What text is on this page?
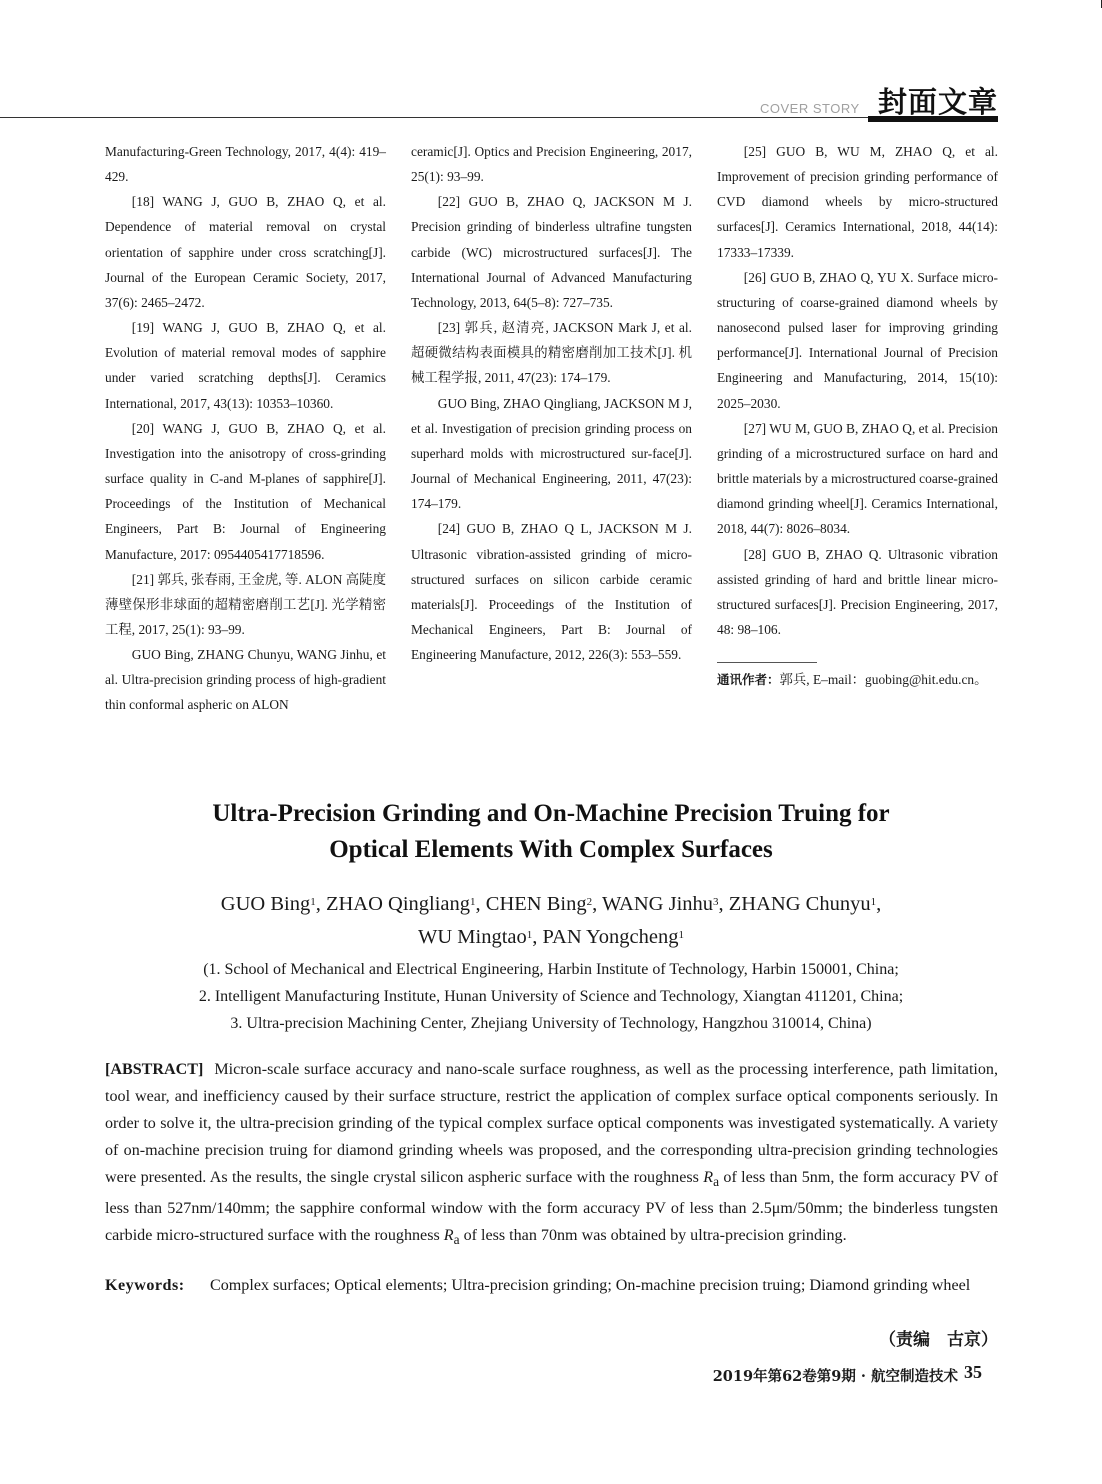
COVER STORY 封面文章

Manufacturing-Green Technology, 2017, 4(4): 419–429.

[18] WANG J, GUO B, ZHAO Q, et al. Dependence of material removal on crystal orientation of sapphire under cross scratching[J]. Journal of the European Ceramic Society, 2017, 37(6): 2465–2472.

[19] WANG J, GUO B, ZHAO Q, et al. Evolution of material removal modes of sapphire under varied scratching depths[J]. Ceramics International, 2017, 43(13): 10353–10360.

[20] WANG J, GUO B, ZHAO Q, et al. Investigation into the anisotropy of cross-grinding surface quality in C-and M-planes of sapphire[J]. Proceedings of the Institution of Mechanical Engineers, Part B: Journal of Engineering Manufacture, 2017: 0954405417718596.

[21] 郭兵, 张春雨, 王金虎, 等. ALON 高陡度薄壁保形非球面的超精密磨削工艺[J]. 光学精密工程, 2017, 25(1): 93–99.

GUO Bing, ZHANG Chunyu, WANG Jinhu, et al. Ultra-precision grinding process of high-gradient thin conformal aspheric on ALON

ceramic[J]. Optics and Precision Engineering, 2017, 25(1): 93–99.

[22] GUO B, ZHAO Q, JACKSON M J. Precision grinding of binderless ultrafine tungsten carbide (WC) microstructured surfaces[J]. The International Journal of Advanced Manufacturing Technology, 2013, 64(5–8): 727–735.

[23] 郭兵, 赵清亮, JACKSON Mark J, et al. 超硬微结构表面模具的精密磨削加工技术[J]. 机械工程学报, 2011, 47(23): 174–179.

GUO Bing, ZHAO Qingliang, JACKSON M J, et al. Investigation of precision grinding process on superhard molds with microstructured sur-face[J]. Journal of Mechanical Engineering, 2011, 47(23): 174–179.

[24] GUO B, ZHAO Q L, JACKSON M J. Ultrasonic vibration-assisted grinding of micro-structured surfaces on silicon carbide ceramic materials[J]. Proceedings of the Institution of Mechanical Engineers, Part B: Journal of Engineering Manufacture, 2012, 226(3): 553–559.

[25] GUO B, WU M, ZHAO Q, et al. Improvement of precision grinding performance of CVD diamond wheels by micro-structured surfaces[J]. Ceramics International, 2018, 44(14): 17333–17339.

[26] GUO B, ZHAO Q, YU X. Surface micro-structuring of coarse-grained diamond wheels by nanosecond pulsed laser for improving grinding performance[J]. International Journal of Precision Engineering and Manufacturing, 2014, 15(10): 2025–2030.

[27] WU M, GUO B, ZHAO Q, et al. Precision grinding of a microstructured surface on hard and brittle materials by a microstructured coarse-grained diamond grinding wheel[J]. Ceramics International, 2018, 44(7): 8026–8034.

[28] GUO B, ZHAO Q. Ultrasonic vibration assisted grinding of hard and brittle linear micro-structured surfaces[J]. Precision Engineering, 2017, 48: 98–106.

通讯作者：郭兵, E–mail：guobing@hit.edu.cn。

Ultra-Precision Grinding and On-Machine Precision Truing for
Optical Elements With Complex Surfaces
GUO Bing$^1$, ZHAO Qingliang$^1$, CHEN Bing$^2$, WANG Jinhu$^3$, ZHANG Chunyu$^1$,
WU Mingtao$^1$, PAN Yongcheng$^1$
(1. School of Mechanical and Electrical Engineering, Harbin Institute of Technology, Harbin 150001, China;
2. Intelligent Manufacturing Institute, Hunan University of Science and Technology, Xiangtan 411201, China;
3. Ultra-precision Machining Center, Zhejiang University of Technology, Hangzhou 310014, China)
[ABSTRACT] Micron-scale surface accuracy and nano-scale surface roughness, as well as the processing interference, path limitation, tool wear, and inefficiency caused by their surface structure, restrict the application of complex surface optical components seriously. In order to solve it, the ultra-precision grinding of the typical complex surface optical components was investigated systematically. A variety of on-machine precision truing for diamond grinding wheels was proposed, and the corresponding ultra-precision grinding technologies were presented. As the results, the single crystal silicon aspheric surface with the roughness $R_a$ of less than 5nm, the form accuracy PV of less than 527nm/140mm; the sapphire conformal window with the form accuracy PV of less than 2.5μm/50mm; the binderless tungsten carbide micro-structured surface with the roughness $R_a$ of less than 70nm was obtained by ultra-precision grinding.
Keywords:	Complex surfaces; Optical elements; Ultra-precision grinding; On-machine precision truing; Diamond grinding wheel
（责编　古京）
2019年第62卷第9期 · 航空制造技术 35
